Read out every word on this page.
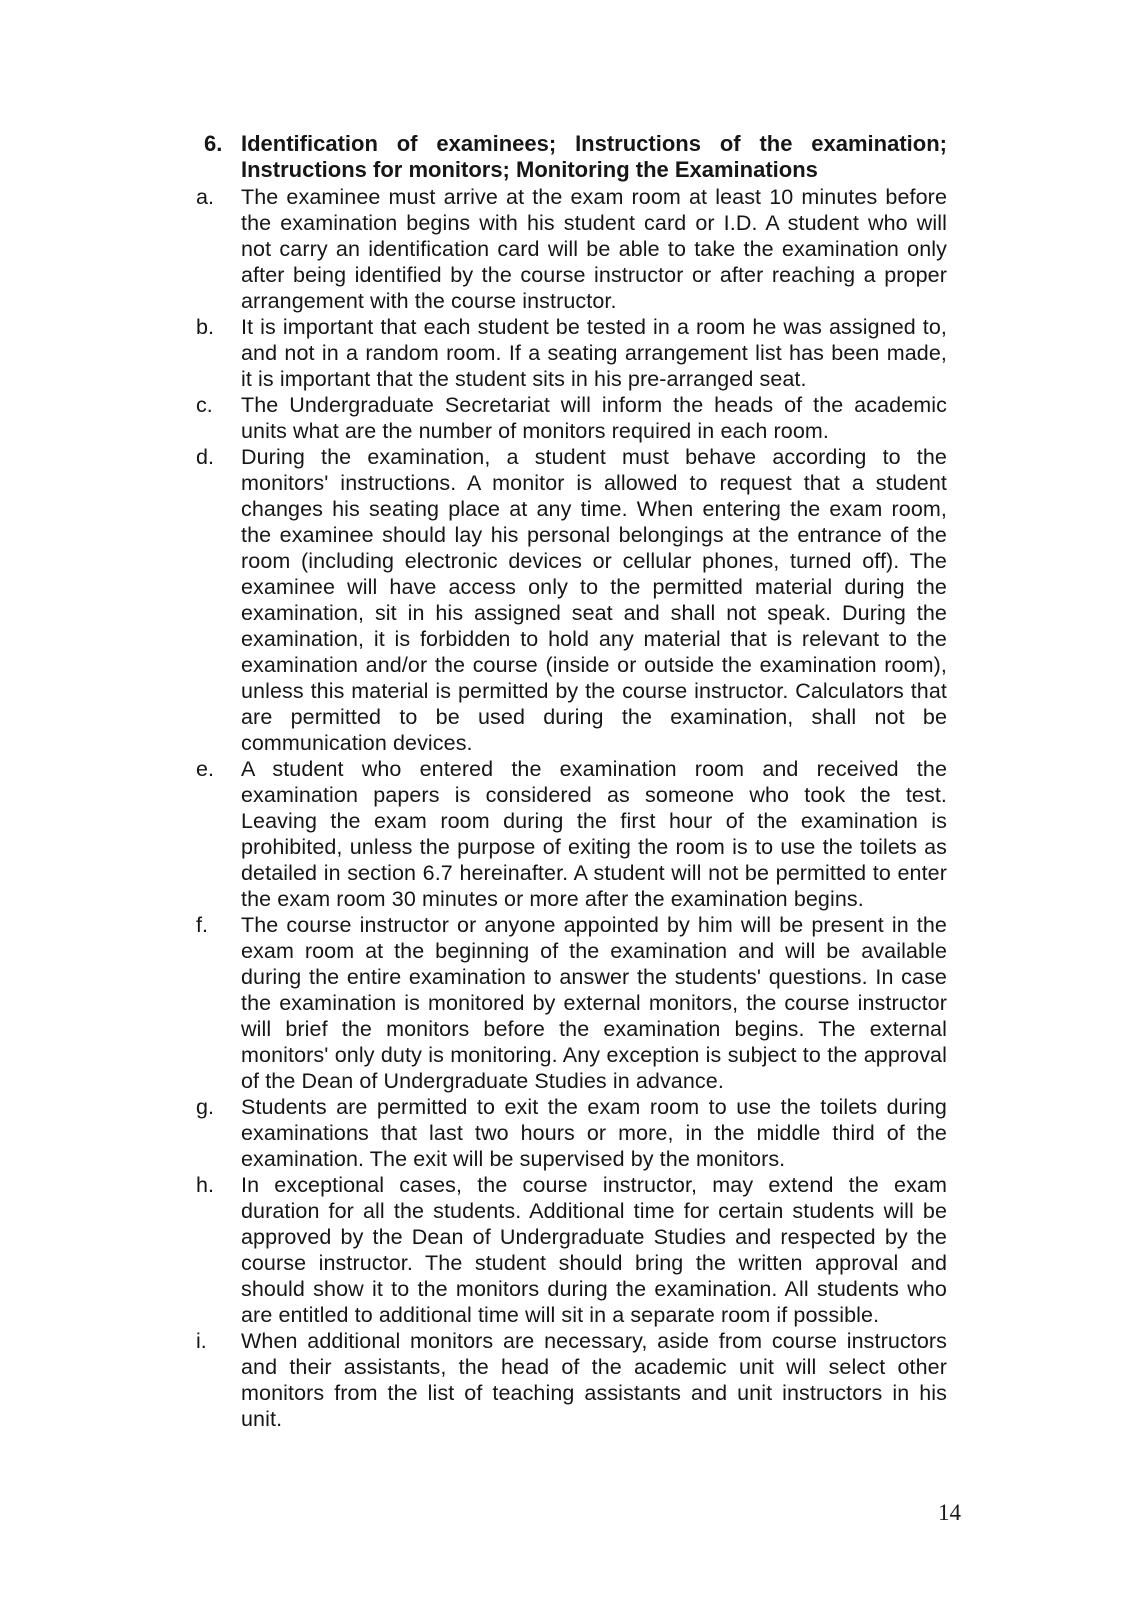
6. Identification of examinees; Instructions of the examination; Instructions for monitors; Monitoring the Examinations
a.	The examinee must arrive at the exam room at least 10 minutes before the examination begins with his student card or I.D. A student who will not carry an identification card will be able to take the examination only after being identified by the course instructor or after reaching a proper arrangement with the course instructor.
b.	It is important that each student be tested in a room he was assigned to, and not in a random room. If a seating arrangement list has been made, it is important that the student sits in his pre-arranged seat.
c.	The Undergraduate Secretariat will inform the heads of the academic units what are the number of monitors required in each room.
d.	During the examination, a student must behave according to the monitors' instructions. A monitor is allowed to request that a student changes his seating place at any time. When entering the exam room, the examinee should lay his personal belongings at the entrance of the room (including electronic devices or cellular phones, turned off). The examinee will have access only to the permitted material during the examination, sit in his assigned seat and shall not speak. During the examination, it is forbidden to hold any material that is relevant to the examination and/or the course (inside or outside the examination room), unless this material is permitted by the course instructor. Calculators that are permitted to be used during the examination, shall not be communication devices.
e.	A student who entered the examination room and received the examination papers is considered as someone who took the test. Leaving the exam room during the first hour of the examination is prohibited, unless the purpose of exiting the room is to use the toilets as detailed in section 6.7 hereinafter. A student will not be permitted to enter the exam room 30 minutes or more after the examination begins.
f.	The course instructor or anyone appointed by him will be present in the exam room at the beginning of the examination and will be available during the entire examination to answer the students' questions. In case the examination is monitored by external monitors, the course instructor will brief the monitors before the examination begins. The external monitors' only duty is monitoring. Any exception is subject to the approval of the Dean of Undergraduate Studies in advance.
g.	Students are permitted to exit the exam room to use the toilets during examinations that last two hours or more, in the middle third of the examination. The exit will be supervised by the monitors.
h.	In exceptional cases, the course instructor, may extend the exam duration for all the students. Additional time for certain students will be approved by the Dean of Undergraduate Studies and respected by the course instructor. The student should bring the written approval and should show it to the monitors during the examination. All students who are entitled to additional time will sit in a separate room if possible.
i.	When additional monitors are necessary, aside from course instructors and their assistants, the head of the academic unit will select other monitors from the list of teaching assistants and unit instructors in his unit.
14
